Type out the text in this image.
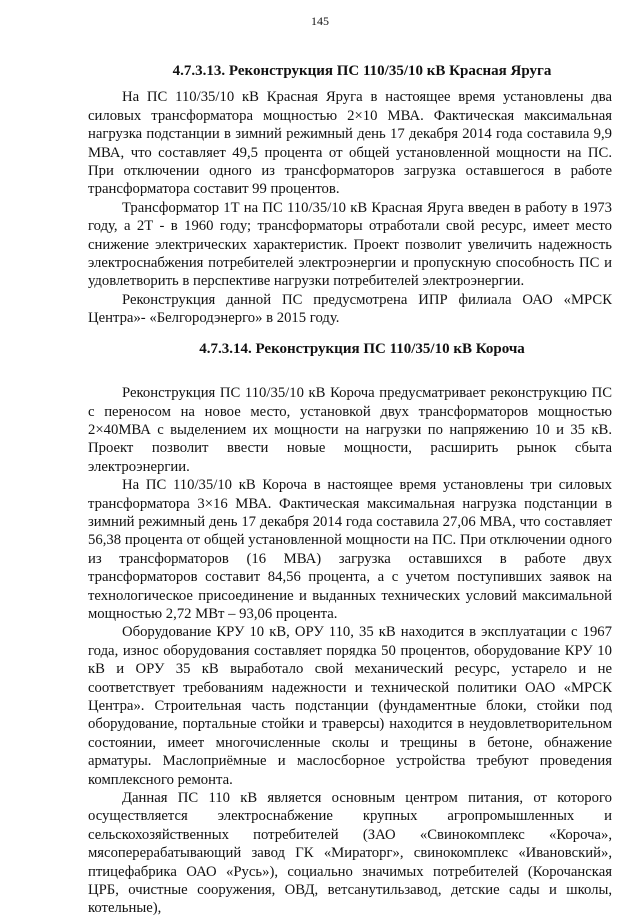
145
4.7.3.13. Реконструкция ПС 110/35/10 кВ Красная Яруга

На ПС 110/35/10 кВ Красная Яруга в настоящее время установлены два силовых трансформатора мощностью 2×10 МВА. Фактическая максимальная нагрузка подстанции в зимний режимный день 17 декабря 2014 года составила 9,9 МВА, что составляет 49,5 процента от общей установленной мощности на ПС. При отключении одного из трансформаторов загрузка оставшегося в работе трансформатора составит 99 процентов.

Трансформатор 1Т на ПС 110/35/10 кВ Красная Яруга введен в работу в 1973 году, а 2Т - в 1960 году; трансформаторы отработали свой ресурс, имеет место снижение электрических характеристик. Проект позволит увеличить надежность электроснабжения потребителей электроэнергии и пропускную способность ПС и удовлетворить в перспективе нагрузки потребителей электроэнергии.

Реконструкция данной ПС предусмотрена ИПР филиала ОАО «МРСК Центра»- «Белгородэнерго» в 2015 году.

4.7.3.14. Реконструкция ПС 110/35/10 кВ Короча

Реконструкция ПС 110/35/10 кВ Короча предусматривает реконструкцию ПС с переносом на новое место, установкой двух трансформаторов мощностью 2×40МВА с выделением их мощности на нагрузки по напряжению 10 и 35 кВ. Проект позволит ввести новые мощности, расширить рынок сбыта электроэнергии.

На ПС 110/35/10 кВ Короча в настоящее время установлены три силовых трансформатора 3×16 МВА. Фактическая максимальная нагрузка подстанции в зимний режимный день 17 декабря 2014 года составила 27,06 МВА, что составляет 56,38 процента от общей установленной мощности на ПС. При отключении одного из трансформаторов (16 МВА) загрузка оставшихся в работе двух трансформаторов составит 84,56 процента, а с учетом поступивших заявок на технологическое присоединение и выданных технических условий максимальной мощностью 2,72 МВт – 93,06 процента.

Оборудование КРУ 10 кВ, ОРУ 110, 35 кВ находится в эксплуатации с 1967 года, износ оборудования составляет порядка 50 процентов, оборудование КРУ 10 кВ и ОРУ 35 кВ выработало свой механический ресурс, устарело и не соответствует требованиям надежности и технической политики ОАО «МРСК Центра». Строительная часть подстанции (фундаментные блоки, стойки под оборудование, портальные стойки и траверсы) находится в неудовлетворительном состоянии, имеет многочисленные сколы и трещины в бетоне, обнажение арматуры. Маслоприёмные и маслосборное устройства требуют проведения комплексного ремонта.

Данная ПС 110 кВ является основным центром питания, от которого осуществляется электроснабжение крупных агропромышленных и сельскохозяйственных потребителей (ЗАО «Свинокомплекс «Короча», мясоперерабатывающий завод ГК «Мираторг», свинокомплекс «Ивановский», птицефабрика ОАО «Русь»), социально значимых потребителей (Корочанская ЦРБ, очистные сооружения, ОВД, ветсанутильзавод, детские сады и школы, котельные),
